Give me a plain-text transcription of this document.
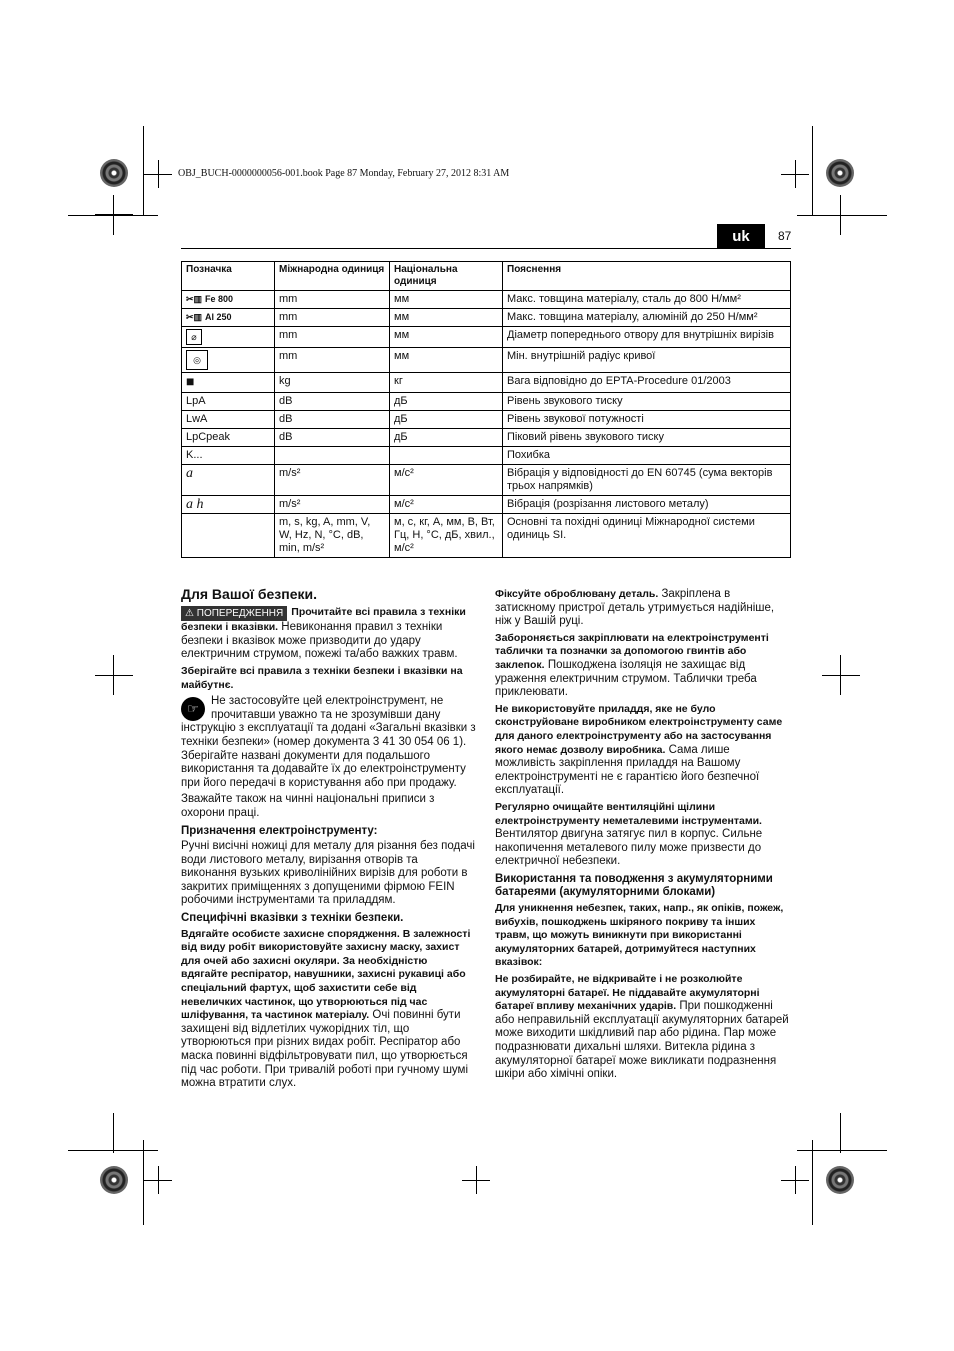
OBJ_BUCH-0000000056-001.book Page 87 Monday, February 27, 2012 8:31 AM
uk	87
Позначка	Міжнародна одиниця	Національна одиниця	Пояснення

✂▥ Fe 800	mm	мм	Макс. товщина матеріалу, сталь до 800 Н/мм²

✂▥ Al 250	mm	мм	Макс. товщина матеріалу, алюміній до 250 Н/мм²
⌀	mm	мм	Діаметр попереднього отвору для внутрішніх вирізів
◎	mm	мм	Мін. внутрішній радіус кривої
■	kg	кг	Вага відповідно до EPTA-Procedure 01/2003
LpA	dB	дБ	Рівень звукового тиску
LwA	dB	дБ	Рівень звукової потужності
LpCpeak	dB	дБ	Піковий рівень звукового тиску
K...			Похибка
a	m/s²	м/с²	Вібрація у відповідності до EN 60745 (сума векторів трьох напрямків)
a h	m/s²	м/с²	Вібрація (розрізання листового металу)
	m, s, kg, A, mm, V, W, Hz, N, °C, dB, min, m/s²	м, с, кг, А, мм, В, Вт, Гц, Н, °С, дБ, хвил., м/с²	Основні та похідні одиниці Міжнародної системи одиниць SI.
Для Вашої безпеки.

⚠ ПОПЕРЕДЖЕННЯ Прочитайте всі правила з техніки безпеки і вказівки. Невиконання правил з техніки безпеки і вказівок може призводити до удару електричним струмом, пожежі та/або важких травм.

Зберігайте всі правила з техніки безпеки і вказівки на майбутнє.

☞	Не застосовуйте цей електроінструмент, не прочитавши уважно та не зрозумівши дану інструкцію з експлуатації та додані «Загальні вказівки з техніки безпеки» (номер документа 3 41 30 054 06 1). Зберігайте названі документи для подальшого використання та додавайте їх до електроінструменту при його передачі в користування або при продажу.

Зважайте також на чинні національні приписи з охорони праці.

Призначення електроінструменту:

Ручні висічні ножиці для металу для різання без подачі води листового металу, вирізання отворів та виконання вузьких криволінійних вирізів для роботи в закритих приміщеннях з допущеними фірмою FEIN робочими інструментами та приладдям.

Специфічні вказівки з техніки безпеки.

Вдягайте особисте захисне спорядження. В залежності від виду робіт використовуйте захисну маску, захист для очей або захисні окуляри. За необхідністю вдягайте респіратор, навушники, захисні рукавиці або спеціальний фартух, щоб захистити себе від невеличких частинок, що утворюються під час шліфування, та частинок матеріалу. Очі повинні бути захищені від відлетілих чужорідних тіл, що утворюються при різних видах робіт. Респіратор або маска повинні відфільтровувати пил, що утворюється під час роботи. При тривалій роботі при гучному шумі можна втратити слух.

Фіксуйте оброблювану деталь. Закріплена в затискному пристрої деталь утримується надійніше, ніж у Вашій руці.

Забороняється закріплювати на електроінструменті таблички та позначки за допомогою гвинтів або заклепок. Пошкоджена ізоляція не захищає від ураження електричним струмом. Таблички треба приклеювати.

Не використовуйте приладдя, яке не було сконструйоване виробником електроінструменту саме для даного електроінструменту або на застосування якого немає дозволу виробника. Сама лише можливість закріплення приладдя на Вашому електроінструменті не є гарантією його безпечної експлуатації.

Регулярно очищайте вентиляційні щілини електроінструменту неметалевими інструментами. Вентилятор двигуна затягує пил в корпус. Сильне накопичення металевого пилу може призвести до електричної небезпеки.

Використання та поводження з акумуляторними батареями (акумуляторними блоками)

Для уникнення небезпек, таких, напр., як опіків, пожеж, вибухів, пошкоджень шкіряного покриву та інших травм, що можуть виникнути при використанні акумуляторних батарей, дотримуйтеся наступних вказівок:

Не розбирайте, не відкривайте і не розколюйте акумуляторні батареї. Не піддавайте акумуляторні батареї впливу механічних ударів. При пошкодженні або неправильній експлуатації акумуляторних батарей може виходити шкідливий пар або рідина. Пар може подразнювати дихальні шляхи. Витекла рідина з акумуляторної батареї може викликати подразнення шкіри або хімічні опіки.
